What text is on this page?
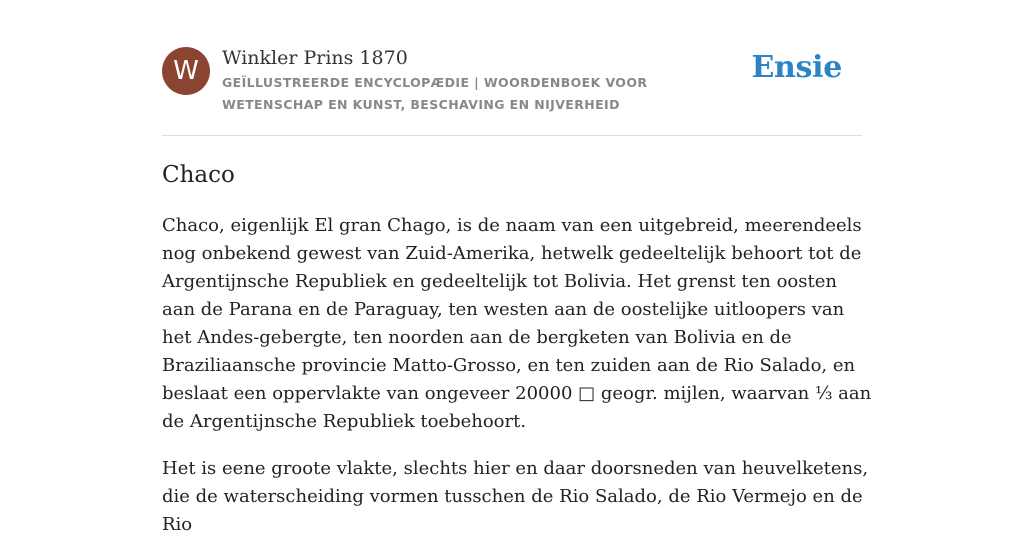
W	Winkler Prins 1870
GEÏLLUSTREERDE ENCYCLOPÆDIE | WOORDENBOEK VOOR WETENSCHAP EN KUNST, BESCHAVING EN NIJVERHEID
Ensie
Chaco

Chaco, eigenlijk El gran Chago, is de naam van een uitgebreid, meerendeels nog onbekend gewest van Zuid-Amerika, hetwelk gedeeltelijk behoort tot de Argentijnsche Republiek en gedeeltelijk tot Bolivia. Het grenst ten oosten aan de Parana en de Paraguay, ten westen aan de oostelijke uitloopers van het Andes-gebergte, ten noorden aan de bergketen van Bolivia en de Braziliaansche provincie Matto-Grosso, en ten zuiden aan de Rio Salado, en beslaat een oppervlakte van ongeveer 20000 □ geogr. mijlen, waarvan ⅓ aan de Argentijnsche Republiek toebehoort.

Het is eene groote vlakte, slechts hier en daar doorsneden van heuvelketens, die de waterscheiding vormen tusschen de Rio Salado, de Rio Vermejo en de Rio
